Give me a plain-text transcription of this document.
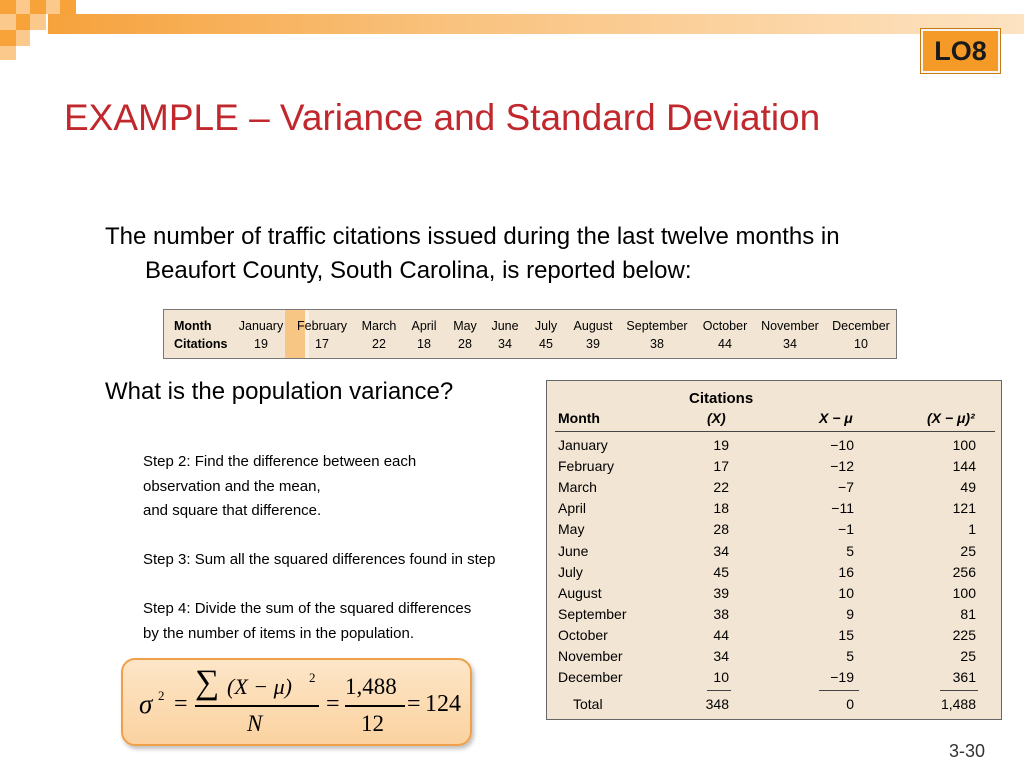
LO8
EXAMPLE – Variance and Standard Deviation
The number of traffic citations issued during the last twelve months in
Beaufort County, South Carolina, is reported below:
Month	January	February	March	April	May	June	July	August	September	October	November	December
Citations	19	17	22	18	28	34	45	39	38	44	34	10
What is the population variance?
Step 2: Find the difference between each
observation and the mean,
and square that difference.
Step 3: Sum all the squared differences found in step
Step 4: Divide the sum of the squared differences
by the number of items in the population.
σ 2 =
∑ (X − μ) 2
N
=
1,488
12
= 124
Citations
Month	(X)	X − μ	(X − μ)²
January	19	−10	100
February	17	−12	144
March	22	−7	49
April	18	−11	121
May	28	−1	1
June	34	5	25
July	45	16	256
August	39	10	100
September	38	9	81
October	44	15	225
November	34	5	25
December	10	−19	361
Total	348	0	1,488
3-30
